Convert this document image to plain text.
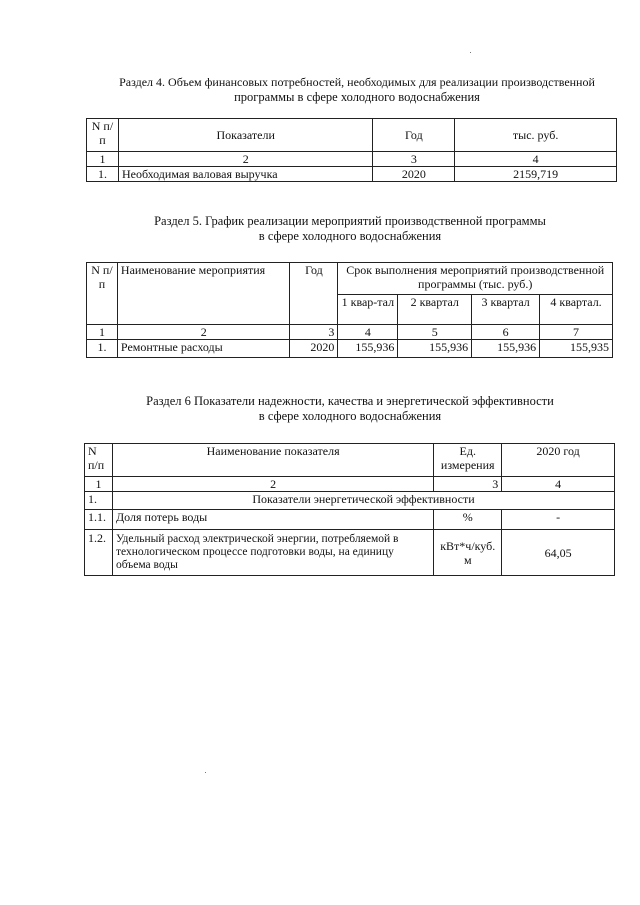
Раздел 4. Объем финансовых потребностей, необходимых для реализации производственной
программы в сфере холодного водоснабжения
N п/п	Показатели	Год	тыс. руб.
1	2	3	4
1.	Необходимая валовая выручка	2020	2159,719
Раздел 5. График реализации мероприятий производственной программы
в сфере холодного водоснабжения
N п/п	Наименование мероприятия	Год	Срок выполнения мероприятий производственной программы (тыс. руб.)			
			1 квар-тал	2 квартал	3 квартал	4 квартал.
1	2	3	4	5	6	7
1.	Ремонтные расходы	2020	155,936	155,936	155,936	155,935
Раздел 6 Показатели надежности, качества и энергетической эффективности
в сфере холодного водоснабжения
N п/п	Наименование показателя	Ед. измерения	2020 год
1	2	3	4
1.	Показатели энергетической эффективности		
1.1.	Доля потерь воды	%	-
1.2.	Удельный расход электрической энергии, потребляемой в технологическом процессе подготовки воды, на единицу объема воды	кВт*ч/куб. м	64,05
